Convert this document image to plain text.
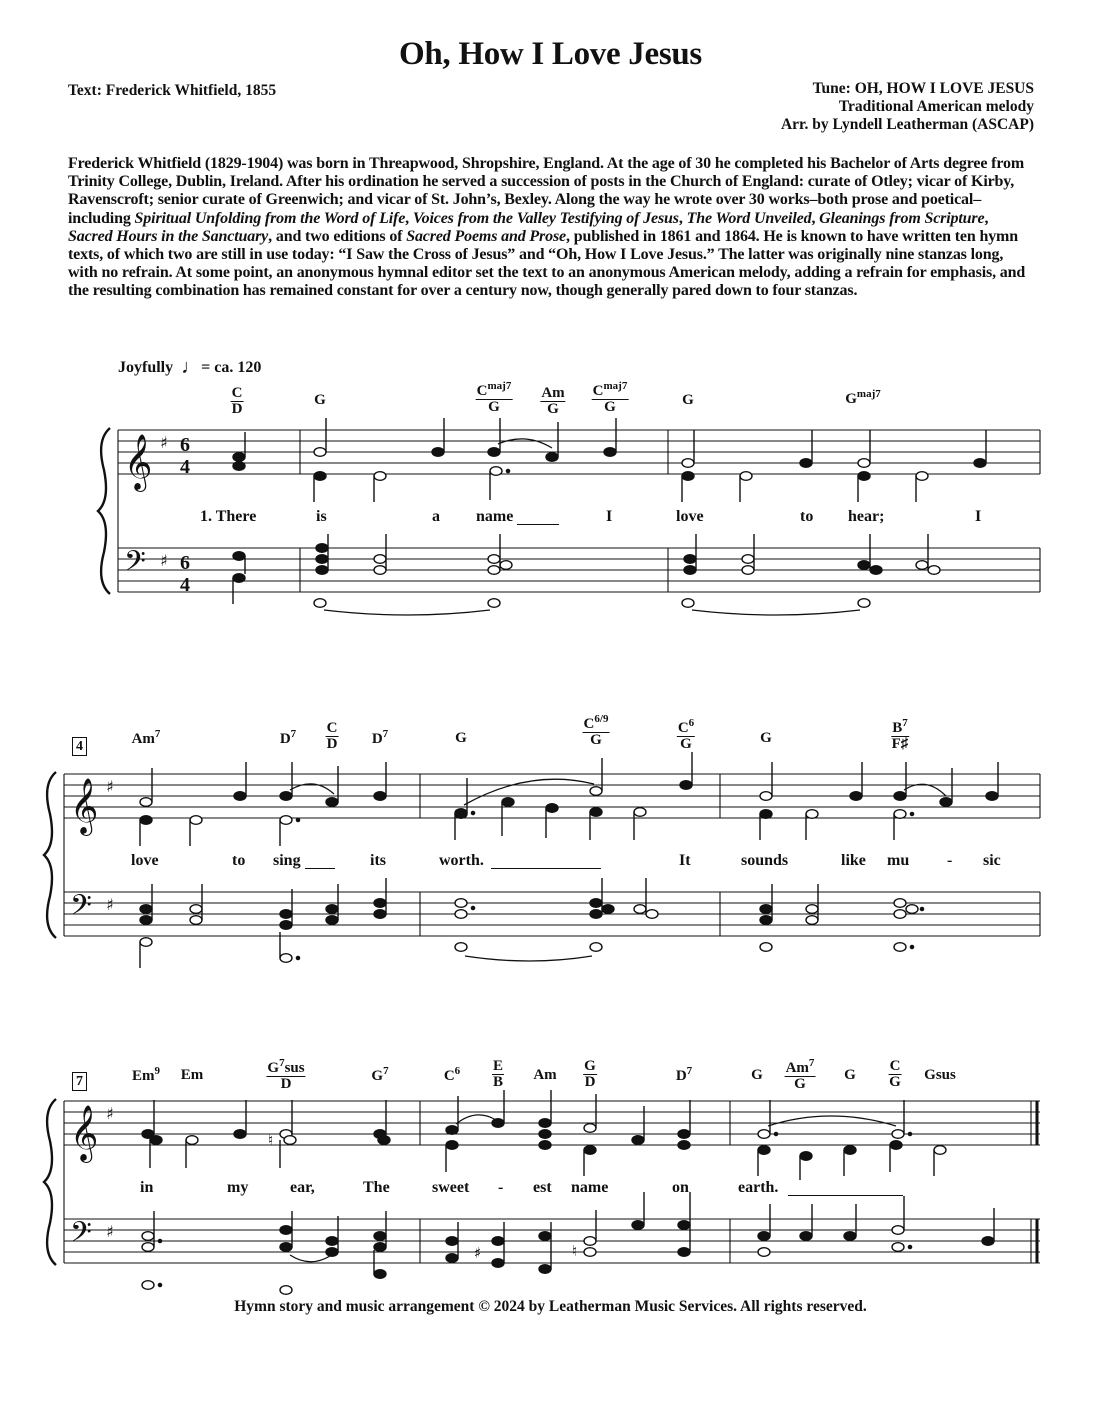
Oh, How I Love Jesus
Text: Frederick Whitfield, 1855	Tune: OH, HOW I LOVE JESUS
Traditional American melody
Arr. by Lyndell Leatherman (ASCAP)
Frederick Whitfield (1829-1904) was born in Threapwood, Shropshire, England. At the age of 30 he completed his Bachelor of Arts degree from Trinity College, Dublin, Ireland. After his ordination he served a succession of posts in the Church of England: curate of Otley; vicar of Kirby, Ravenscroft; senior curate of Greenwich; and vicar of St. John’s, Bexley. Along the way he wrote over 30 works–both prose and poetical–including Spiritual Unfolding from the Word of Life, Voices from the Valley Testifying of Jesus, The Word Unveiled, Gleanings from Scripture, Sacred Hours in the Sanctuary, and two editions of Sacred Poems and Prose, published in 1861 and 1864. He is known to have written ten hymn texts, of which two are still in use today: “I Saw the Cross of Jesus” and “Oh, How I Love Jesus.” The latter was originally nine stanzas long, with no refrain. At some point, an anonymous hymnal editor set the text to an anonymous American melody, adding a refrain for emphasis, and the resulting combination has remained constant for over a century now, though generally pared down to four stanzas.
Joyfully ♩= ca. 120
$\frac{C}{D}$	G	$\frac{C^{maj7}}{G} \frac{Am}{G} \frac{C^{maj7}}{G}$	G	$G^{maj7}$
1. There	is	a name	I	love	to hear;	I
𝄞
𝄢
♯
♯
6
4
6
4
4	Am$^7$	$D^7 \frac{C}{D} D^7$	G	$\frac{C^{6/9}}{G}$	$\frac{C^6}{G}$	G	$\frac{B^7}{F♯}$
love	to sing	its	worth.	It	sounds	like mu - sic
𝄞
𝄢
♯
♯
7	Em$^9$ Em	$\frac{G^7sus}{D}$	$G^7$	$C^6 \frac{E}{B}$ Am $\frac{G}{D}$	$D^7$	G $\frac{Am^7}{G}$ G $\frac{C}{G}$ Gsus
in	my	ear,	The	sweet - est name	on	earth.
𝄞
𝄢
♯
♯
♮
♯	♮
Hymn story and music arrangement © 2024 by Leatherman Music Services. All rights reserved.
